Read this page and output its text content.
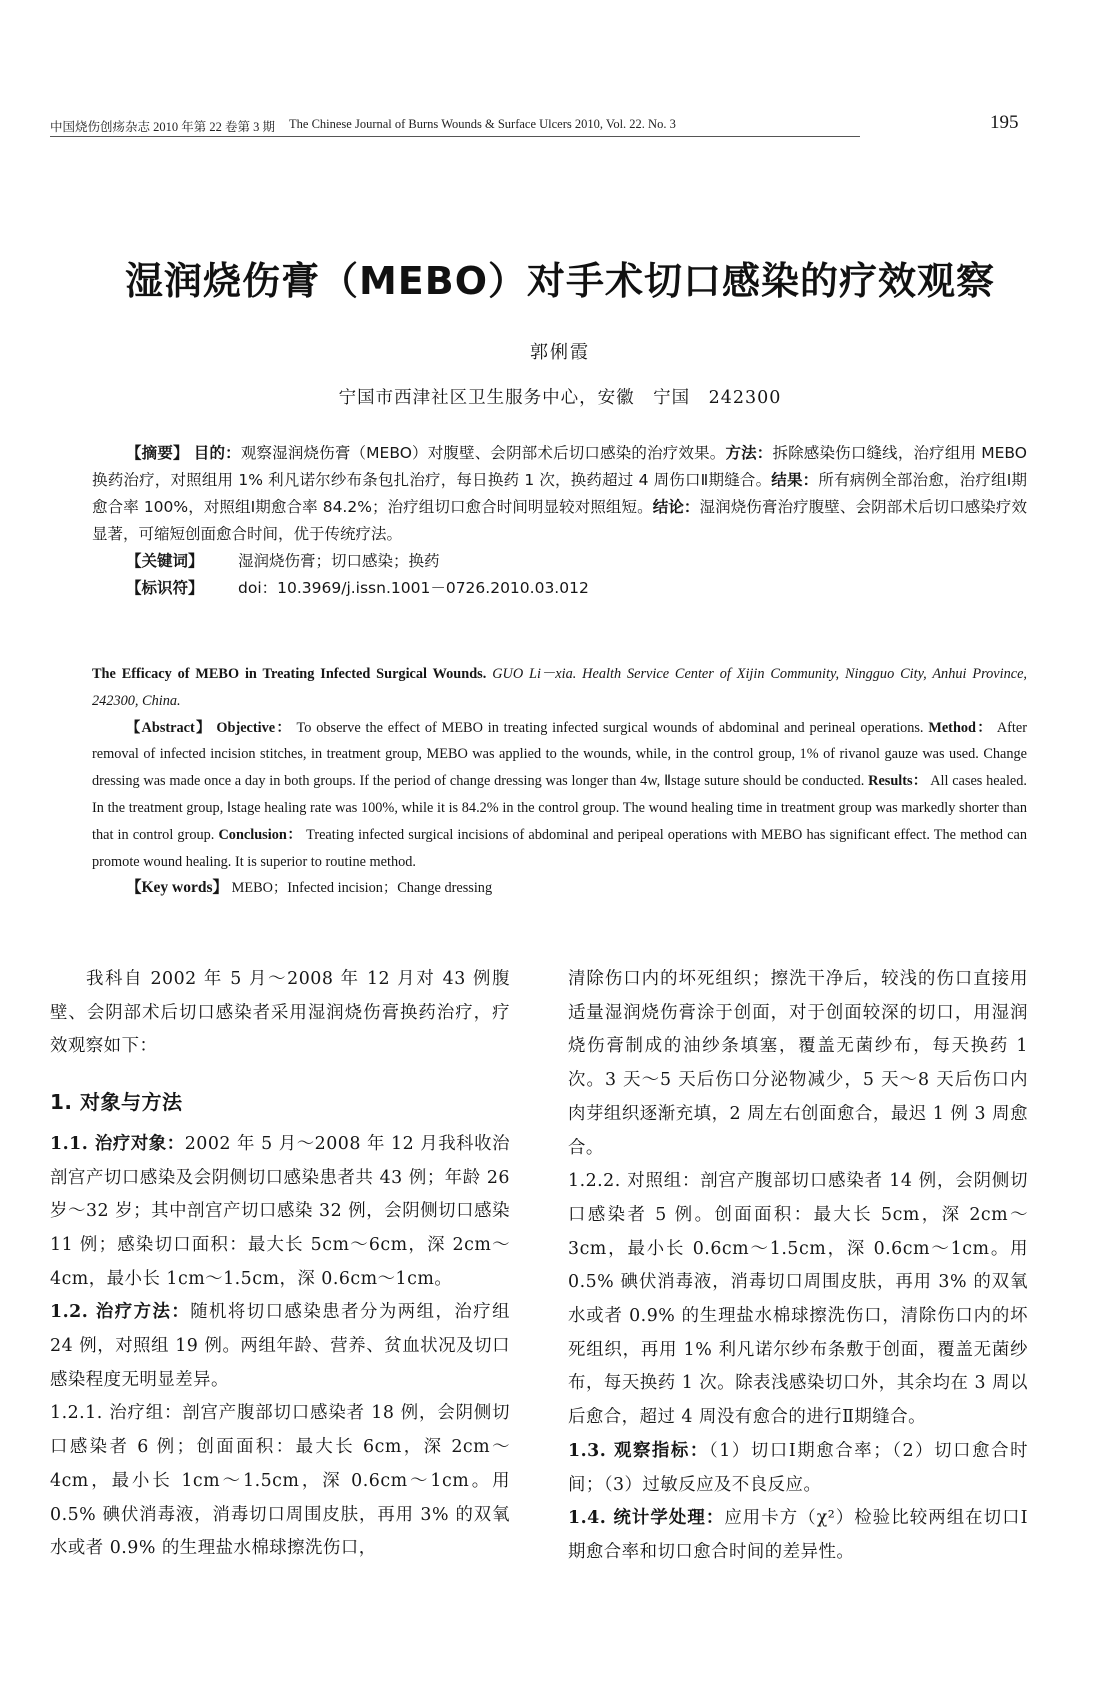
中国烧伤创疡杂志 2010 年第 22 卷第 3 期 The Chinese Journal of Burns Wounds & Surface Ulcers 2010, Vol. 22. No. 3	195
湿润烧伤膏（MEBO）对手术切口感染的疗效观察
郭俐霞
宁国市西津社区卫生服务中心，安徽　宁国　242300
【摘要】 目的：观察湿润烧伤膏（MEBO）对腹壁、会阴部术后切口感染的治疗效果。方法：拆除感染伤口缝线，治疗组用 MEBO 换药治疗，对照组用 1% 利凡诺尔纱布条包扎治疗，每日换药 1 次，换药超过 4 周伤口Ⅱ期缝合。结果：所有病例全部治愈，治疗组Ⅰ期愈合率 100%，对照组Ⅰ期愈合率 84.2%；治疗组切口愈合时间明显较对照组短。结论：湿润烧伤膏治疗腹壁、会阴部术后切口感染疗效显著，可缩短创面愈合时间，优于传统疗法。
【关键词】	湿润烧伤膏；切口感染；换药
【标识符】	doi：10.3969/j.issn.1001－0726.2010.03.012
The Efficacy of MEBO in Treating Infected Surgical Wounds. GUO Li－xia. Health Service Center of Xijin Community, Ningguo City, Anhui Province, 242300, China.
【Abstract】 Objective： To observe the effect of MEBO in treating infected surgical wounds of abdominal and perineal operations. Method： After removal of infected incision stitches, in treatment group, MEBO was applied to the wounds, while, in the control group, 1% of rivanol gauze was used. Change dressing was made once a day in both groups. If the period of change dressing was longer than 4w, Ⅱstage suture should be conducted. Results： All cases healed. In the treatment group, Ⅰstage healing rate was 100%, while it is 84.2% in the control group. The wound healing time in treatment group was markedly shorter than that in control group. Conclusion： Treating infected surgical incisions of abdominal and peripeal operations with MEBO has significant effect. The method can promote wound healing. It is superior to routine method.
【Key words】 MEBO；Infected incision；Change dressing

我科自 2002 年 5 月～2008 年 12 月对 43 例腹壁、会阴部术后切口感染者采用湿润烧伤膏换药治疗，疗效观察如下：

1. 对象与方法

1.1. 治疗对象：2002 年 5 月～2008 年 12 月我科收治剖宫产切口感染及会阴侧切口感染患者共 43 例；年龄 26 岁～32 岁；其中剖宫产切口感染 32 例，会阴侧切口感染 11 例；感染切口面积：最大长 5cm～6cm，深 2cm～4cm，最小长 1cm～1.5cm，深 0.6cm～1cm。

1.2. 治疗方法：随机将切口感染患者分为两组，治疗组 24 例，对照组 19 例。两组年龄、营养、贫血状况及切口感染程度无明显差异。

1.2.1. 治疗组：剖宫产腹部切口感染者 18 例，会阴侧切口感染者 6 例；创面面积：最大长 6cm，深 2cm～4cm，最小长 1cm～1.5cm，深 0.6cm～1cm。用 0.5% 碘伏消毒液，消毒切口周围皮肤，再用 3% 的双氧水或者 0.9% 的生理盐水棉球擦洗伤口，

清除伤口内的坏死组织；擦洗干净后，较浅的伤口直接用适量湿润烧伤膏涂于创面，对于创面较深的切口，用湿润烧伤膏制成的油纱条填塞，覆盖无菌纱布，每天换药 1 次。3 天～5 天后伤口分泌物减少，5 天～8 天后伤口内肉芽组织逐渐充填，2 周左右创面愈合，最迟 1 例 3 周愈合。

1.2.2. 对照组：剖宫产腹部切口感染者 14 例，会阴侧切口感染者 5 例。创面面积：最大长 5cm，深 2cm～3cm，最小长 0.6cm～1.5cm，深 0.6cm～1cm。用 0.5% 碘伏消毒液，消毒切口周围皮肤，再用 3% 的双氧水或者 0.9% 的生理盐水棉球擦洗伤口，清除伤口内的坏死组织，再用 1% 利凡诺尔纱布条敷于创面，覆盖无菌纱布，每天换药 1 次。除表浅感染切口外，其余均在 3 周以后愈合，超过 4 周没有愈合的进行Ⅱ期缝合。

1.3. 观察指标：（1）切口Ⅰ期愈合率；（2）切口愈合时间；（3）过敏反应及不良反应。

1.4. 统计学处理：应用卡方（χ²）检验比较两组在切口Ⅰ期愈合率和切口愈合时间的差异性。
